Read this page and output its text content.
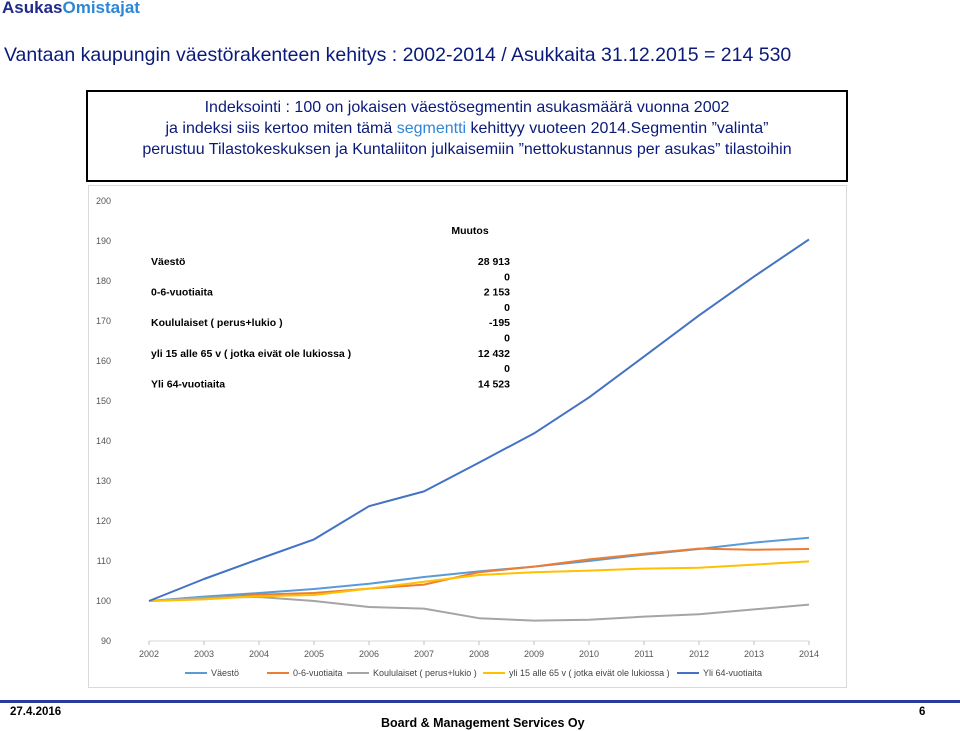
AsukasOmistajat
Vantaan kaupungin väestörakenteen kehitys : 2002-2014 / Asukkaita 31.12.2015 = 214 530
Indeksointi : 100 on jokaisen väestösegmentin asukasmäärä vuonna 2002
ja indeksi siis kertoo miten tämä segmentti kehittyy vuoteen 2014.Segmentin ”valinta”
perustuu Tilastokeskuksen ja Kuntaliiton julkaisemiin ”nettokustannus per asukas” tilastoihin
90
100
110
120
130
140
150
160
170
180
190
200
2002	2003	2004	2005	2006	2007	2008	2009	2010	2011	2012	2013	2014
Muutos
Väestö	28 913
0
0-6-vuotiaita	2 153
0
Koululaiset ( perus+lukio )	-195
0
yli 15 alle 65 v ( jotka eivät ole lukiossa )	12 432
0
Yli 64-vuotiaita	14 523
Väestö	0-6-vuotiaita	Koululaiset ( perus+lukio )	yli 15 alle 65 v ( jotka eivät ole lukiossa )	Yli 64-vuotiaita
27.4.2016
Board & Management Services Oy
6
